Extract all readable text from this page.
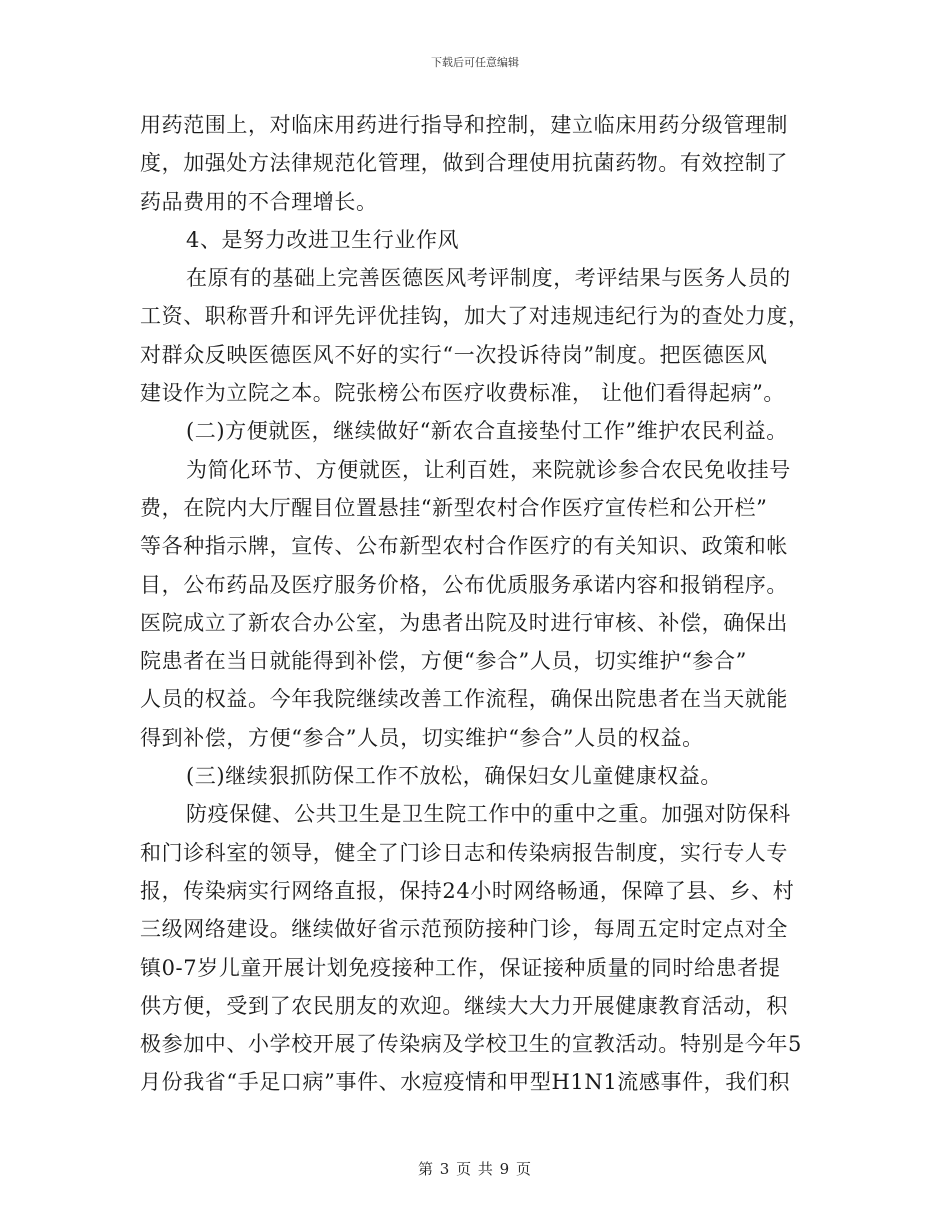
下载后可任意编辑
用药范围上，对临床用药进行指导和控制，建立临床用药分级管理制
度，加强处方法律规范化管理，做到合理使用抗菌药物。有效控制了
药品费用的不合理增长。
4、是努力改进卫生行业作风
在原有的基础上完善医德医风考评制度，考评结果与医务人员的
工资、职称晋升和评先评优挂钩，加大了对违规违纪行为的查处力度，
对群众反映医德医风不好的实行“一次投诉待岗”制度。把医德医风
建设作为立院之本。院张榜公布医疗收费标准， 让他们看得起病”。
(二)方便就医，继续做好“新农合直接垫付工作”维护农民利益。
为简化环节、方便就医，让利百姓，来院就诊参合农民免收挂号
费，在院内大厅醒目位置悬挂“新型农村合作医疗宣传栏和公开栏”
等各种指示牌，宣传、公布新型农村合作医疗的有关知识、政策和帐
目，公布药品及医疗服务价格，公布优质服务承诺内容和报销程序。
医院成立了新农合办公室，为患者出院及时进行审核、补偿，确保出
院患者在当日就能得到补偿，方便“参合”人员，切实维护“参合”
人员的权益。今年我院继续改善工作流程，确保出院患者在当天就能
得到补偿，方便“参合”人员，切实维护“参合”人员的权益。
(三)继续狠抓防保工作不放松，确保妇女儿童健康权益。
防疫保健、公共卫生是卫生院工作中的重中之重。加强对防保科
和门诊科室的领导，健全了门诊日志和传染病报告制度，实行专人专
报，传染病实行网络直报，保持24小时网络畅通，保障了县、乡、村
三级网络建设。继续做好省示范预防接种门诊，每周五定时定点对全
镇0-7岁儿童开展计划免疫接种工作，保证接种质量的同时给患者提
供方便，受到了农民朋友的欢迎。继续大大力开展健康教育活动，积
极参加中、小学校开展了传染病及学校卫生的宣教活动。特别是今年5
月份我省“手足口病”事件、水痘疫情和甲型H1N1流感事件，我们积
第 3 页 共 9 页
